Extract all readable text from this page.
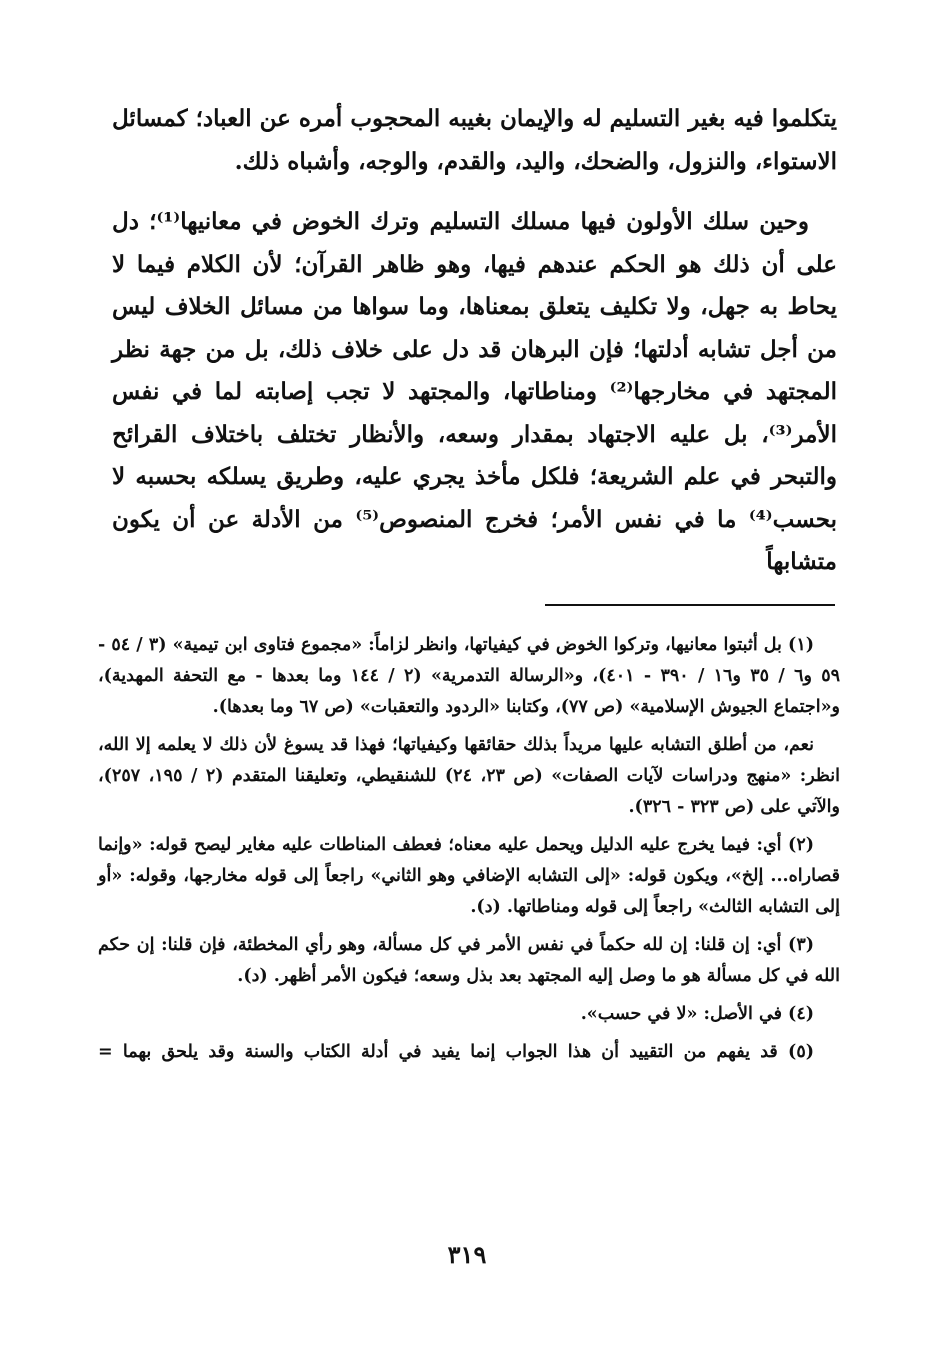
يتكلموا فيه بغير التسليم له والإيمان بغيبه المحجوب أمره عن العباد؛ كمسائل الاستواء، والنزول، والضحك، واليد، والقدم، والوجه، وأشباه ذلك.

وحين سلك الأولون فيها مسلك التسليم وترك الخوض في معانيها⁽¹⁾؛ دل على أن ذلك هو الحكم عندهم فيها، وهو ظاهر القرآن؛ لأن الكلام فيما لا يحاط به جهل، ولا تكليف يتعلق بمعناها، وما سواها من مسائل الخلاف ليس من أجل تشابه أدلتها؛ فإن البرهان قد دل على خلاف ذلك، بل من جهة نظر المجتهد في مخارجها⁽²⁾ ومناطاتها، والمجتهد لا تجب إصابته لما في نفس الأمر⁽³⁾، بل عليه الاجتهاد بمقدار وسعه، والأنظار تختلف باختلاف القرائح والتبحر في علم الشريعة؛ فلكل مأخذ يجري عليه، وطريق يسلكه بحسبه لا بحسب⁽⁴⁾ ما في نفس الأمر؛ فخرج المنصوص⁽⁵⁾ من الأدلة عن أن يكون متشابهاً

(١) بل أثبتوا معانيها، وتركوا الخوض في كيفياتها، وانظر لزاماً: «مجموع فتاوى ابن تيمية» (٣ / ٥٤ - ٥٩ و٦ / ٣٥ و١٦ / ٣٩٠ - ٤٠١)، و«الرسالة التدمرية» (٢ / ١٤٤ وما بعدها - مع التحفة المهدية)، و«اجتماع الجيوش الإسلامية» (ص ٧٧)، وكتابنا «الردود والتعقبات» (ص ٦٧ وما بعدها).

نعم، من أطلق التشابه عليها مريداً بذلك حقائقها وكيفياتها؛ فهذا قد يسوغ لأن ذلك لا يعلمه إلا الله، انظر: «منهج ودراسات لآيات الصفات» (ص ٢٣، ٢٤) للشنقيطي، وتعليقنا المتقدم (٢ / ١٩٥، ٢٥٧)، والآتي على (ص ٣٢٣ - ٣٢٦).

(٢) أي: فيما يخرج عليه الدليل ويحمل عليه معناه؛ فعطف المناطات عليه مغاير ليصح قوله: «وإنما قصاراه... إلخ»، ويكون قوله: «إلى التشابه الإضافي وهو الثاني» راجعاً إلى قوله مخارجها، وقوله: «أو إلى التشابه الثالث» راجعاً إلى قوله ومناطاتها. (د).

(٣) أي: إن قلنا: إن لله حكماً في نفس الأمر في كل مسألة، وهو رأي المخطئة، فإن قلنا: إن حكم الله في كل مسألة هو ما وصل إليه المجتهد بعد بذل وسعه؛ فيكون الأمر أظهر. (د).

(٤) في الأصل: «لا في حسب».

(٥) قد يفهم من التقييد أن هذا الجواب إنما يفيد في أدلة الكتاب والسنة وقد يلحق بهما =

٣١٩
